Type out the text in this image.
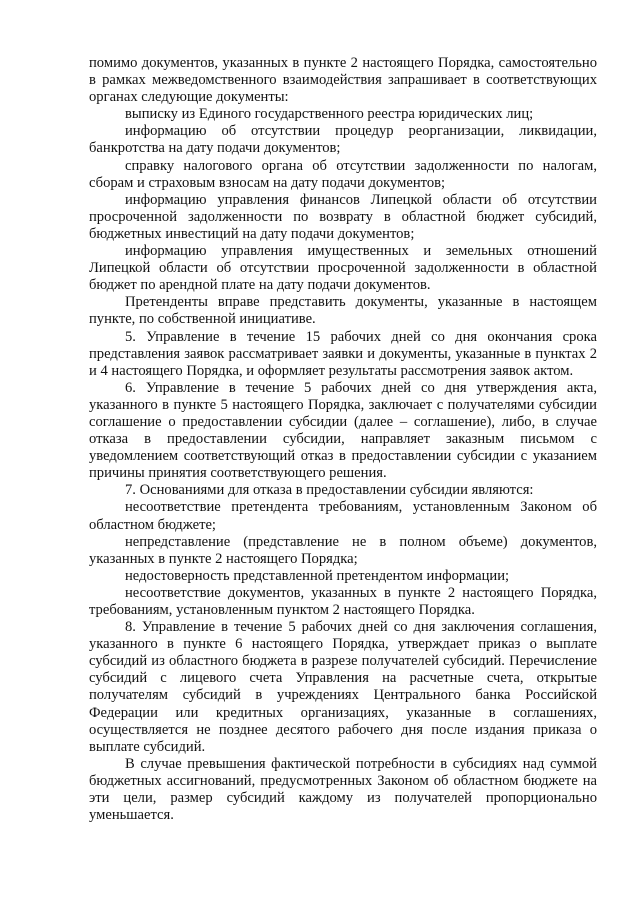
помимо документов, указанных в пункте 2 настоящего Порядка, самостоятельно в рамках межведомственного взаимодействия запрашивает в соответствующих органах следующие документы:

выписку из Единого государственного реестра юридических лиц;

информацию об отсутствии процедур реорганизации, ликвидации, банкротства на дату подачи документов;

справку налогового органа об отсутствии задолженности по налогам, сборам и страховым взносам на дату подачи документов;

информацию управления финансов Липецкой области об отсутствии просроченной задолженности по возврату в областной бюджет субсидий, бюджетных инвестиций на дату подачи документов;

информацию управления имущественных и земельных отношений Липецкой области об отсутствии просроченной задолженности в областной бюджет по арендной плате на дату подачи документов.

Претенденты вправе представить документы, указанные в настоящем пункте, по собственной инициативе.

5. Управление в течение 15 рабочих дней со дня окончания срока представления заявок рассматривает заявки и документы, указанные в пунктах 2 и 4 настоящего Порядка, и оформляет результаты рассмотрения заявок актом.

6. Управление в течение 5 рабочих дней со дня утверждения акта, указанного в пункте 5 настоящего Порядка, заключает с получателями субсидии соглашение о предоставлении субсидии (далее – соглашение), либо, в случае отказа в предоставлении субсидии, направляет заказным письмом с уведомлением соответствующий отказ в предоставлении субсидии с указанием причины принятия соответствующего решения.

7. Основаниями для отказа в предоставлении субсидии являются:

несоответствие претендента требованиям, установленным Законом об областном бюджете;

непредставление (представление не в полном объеме) документов, указанных в пункте 2 настоящего Порядка;

недостоверность представленной претендентом информации;

несоответствие документов, указанных в пункте 2 настоящего Порядка, требованиям, установленным пунктом 2 настоящего Порядка.

8. Управление в течение 5 рабочих дней со дня заключения соглашения, указанного в пункте 6 настоящего Порядка, утверждает приказ о выплате субсидий из областного бюджета в разрезе получателей субсидий. Перечисление субсидий с лицевого счета Управления на расчетные счета, открытые получателям субсидий в учреждениях Центрального банка Российской Федерации или кредитных организациях, указанные в соглашениях, осуществляется не позднее десятого рабочего дня после издания приказа о выплате субсидий.

В случае превышения фактической потребности в субсидиях над суммой бюджетных ассигнований, предусмотренных Законом об областном бюджете на эти цели, размер субсидий каждому из получателей пропорционально уменьшается.
